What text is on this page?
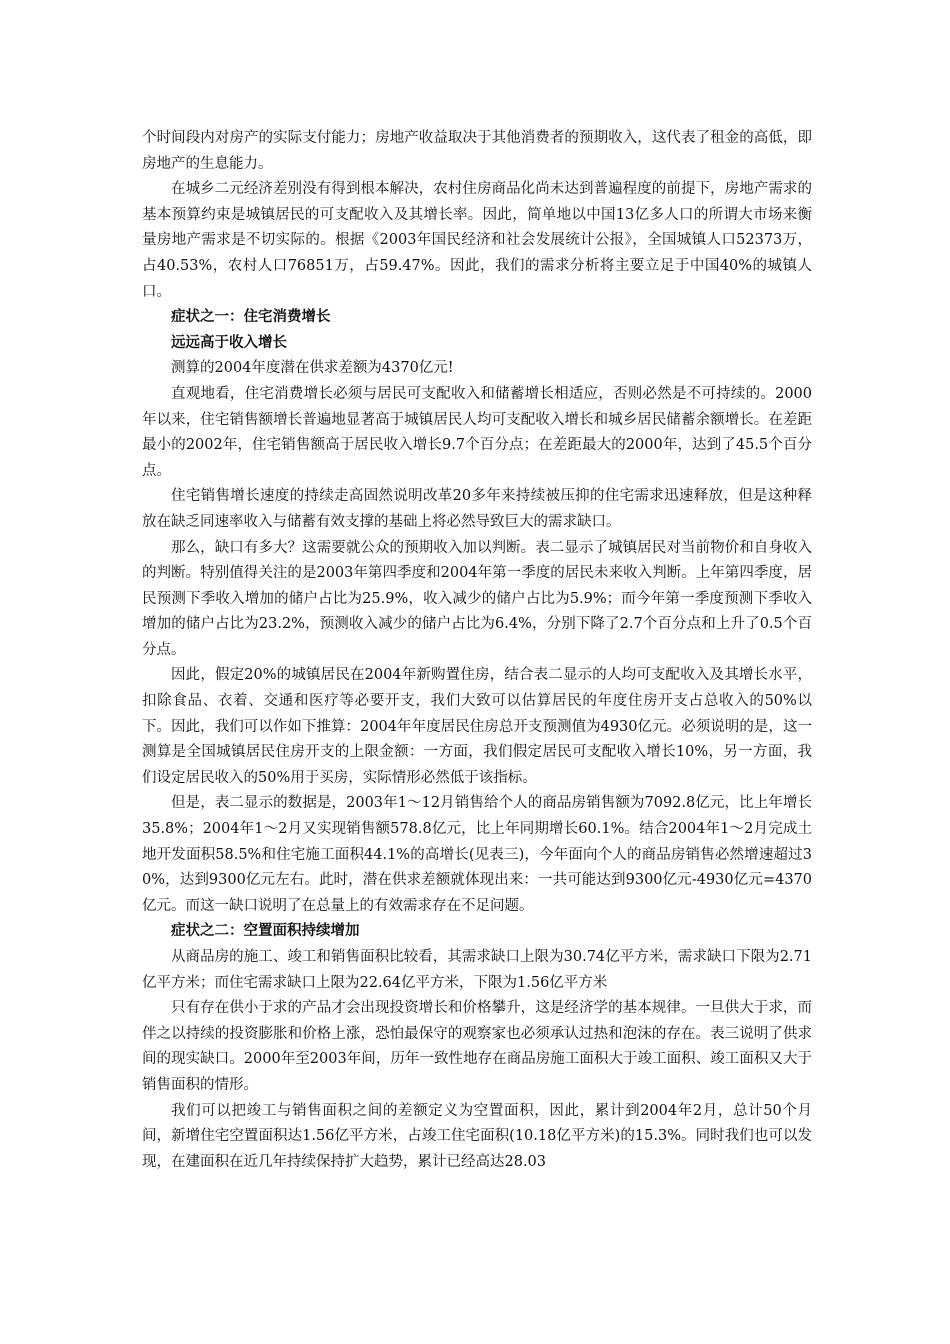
个时间段内对房产的实际支付能力；房地产收益取决于其他消费者的预期收入，这代表了租金的高低，即房地产的生息能力。

在城乡二元经济差别没有得到根本解决，农村住房商品化尚未达到普遍程度的前提下，房地产需求的基本预算约束是城镇居民的可支配收入及其增长率。因此，简单地以中国13亿多人口的所谓大市场来衡量房地产需求是不切实际的。根据《2003年国民经济和社会发展统计公报》，全国城镇人口52373万，占40.53%，农村人口76851万，占59.47%。因此，我们的需求分析将主要立足于中国40%的城镇人口。

症状之一：住宅消费增长

远远高于收入增长

测算的2004年度潜在供求差额为4370亿元!

直观地看，住宅消费增长必须与居民可支配收入和储蓄增长相适应，否则必然是不可持续的。2000年以来，住宅销售额增长普遍地显著高于城镇居民人均可支配收入增长和城乡居民储蓄余额增长。在差距最小的2002年，住宅销售额高于居民收入增长9.7个百分点；在差距最大的2000年，达到了45.5个百分点。

住宅销售增长速度的持续走高固然说明改革20多年来持续被压抑的住宅需求迅速释放，但是这种释放在缺乏同速率收入与储蓄有效支撑的基础上将必然导致巨大的需求缺口。

那么，缺口有多大？这需要就公众的预期收入加以判断。表二显示了城镇居民对当前物价和自身收入的判断。特别值得关注的是2003年第四季度和2004年第一季度的居民未来收入判断。上年第四季度，居民预测下季收入增加的储户占比为25.9%，收入减少的储户占比为5.9%；而今年第一季度预测下季收入增加的储户占比为23.2%，预测收入减少的储户占比为6.4%，分别下降了2.7个百分点和上升了0.5个百分点。

因此，假定20%的城镇居民在2004年新购置住房，结合表二显示的人均可支配收入及其增长水平，扣除食品、衣着、交通和医疗等必要开支，我们大致可以估算居民的年度住房开支占总收入的50%以下。因此，我们可以作如下推算：2004年年度居民住房总开支预测值为4930亿元。必须说明的是，这一测算是全国城镇居民住房开支的上限金额：一方面，我们假定居民可支配收入增长10%，另一方面，我们设定居民收入的50%用于买房，实际情形必然低于该指标。

但是，表二显示的数据是，2003年1～12月销售给个人的商品房销售额为7092.8亿元，比上年增长35.8%；2004年1～2月又实现销售额578.8亿元，比上年同期增长60.1%。结合2004年1～2月完成土地开发面积58.5%和住宅施工面积44.1%的高增长(见表三)，今年面向个人的商品房销售必然增速超过30%，达到9300亿元左右。此时，潜在供求差额就体现出来：一共可能达到9300亿元-4930亿元=4370亿元。而这一缺口说明了在总量上的有效需求存在不足问题。

症状之二：空置面积持续增加

从商品房的施工、竣工和销售面积比较看，其需求缺口上限为30.74亿平方米，需求缺口下限为2.71亿平方米；而住宅需求缺口上限为22.64亿平方米，下限为1.56亿平方米

只有存在供小于求的产品才会出现投资增长和价格攀升，这是经济学的基本规律。一旦供大于求，而伴之以持续的投资膨胀和价格上涨，恐怕最保守的观察家也必须承认过热和泡沫的存在。表三说明了供求间的现实缺口。2000年至2003年间，历年一致性地存在商品房施工面积大于竣工面积、竣工面积又大于销售面积的情形。

我们可以把竣工与销售面积之间的差额定义为空置面积，因此，累计到2004年2月，总计50个月间，新增住宅空置面积达1.56亿平方米，占竣工住宅面积(10.18亿平方米)的15.3%。同时我们也可以发现，在建面积在近几年持续保持扩大趋势，累计已经高达28.03
